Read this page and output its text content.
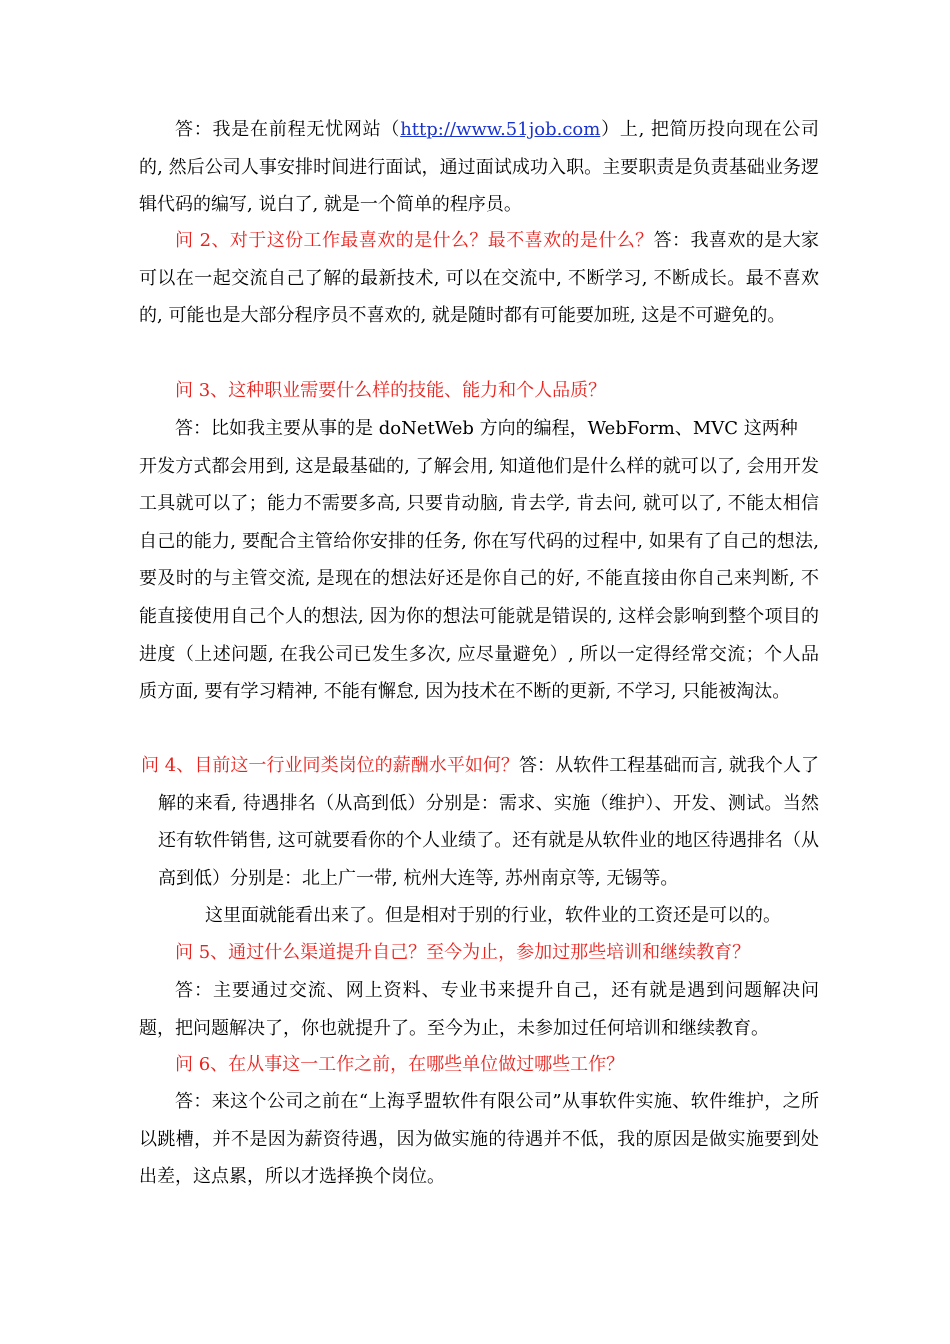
答：我是在前程无忧网站（http://www.51job.com）上, 把简历投向现在公司的, 然后公司人事安排时间进行面试，通过面试成功入职。主要职责是负责基础业务逻辑代码的编写, 说白了, 就是一个简单的程序员。

问 2、对于这份工作最喜欢的是什么？最不喜欢的是什么？答：我喜欢的是大家可以在一起交流自己了解的最新技术, 可以在交流中, 不断学习, 不断成长。最不喜欢的, 可能也是大部分程序员不喜欢的, 就是随时都有可能要加班, 这是不可避免的。

问 3、这种职业需要什么样的技能、能力和个人品质？

答：比如我主要从事的是 doNetWeb 方向的编程，WebForm、MVC 这两种
开发方式都会用到, 这是最基础的, 了解会用, 知道他们是什么样的就可以了, 会用开发工具就可以了；能力不需要多高, 只要肯动脑, 肯去学, 肯去问, 就可以了, 不能太相信自己的能力, 要配合主管给你安排的任务, 你在写代码的过程中, 如果有了自己的想法, 要及时的与主管交流, 是现在的想法好还是你自己的好, 不能直接由你自己来判断, 不能直接使用自己个人的想法, 因为你的想法可能就是错误的, 这样会影响到整个项目的进度（上述问题, 在我公司已发生多次, 应尽量避免）, 所以一定得经常交流；个人品质方面, 要有学习精神, 不能有懈怠, 因为技术在不断的更新, 不学习, 只能被淘汰。

问 4、目前这一行业同类岗位的薪酬水平如何？答：从软件工程基础而言, 就我个人了解的来看, 待遇排名（从高到低）分别是：需求、实施（维护）、开发、测试。当然还有软件销售, 这可就要看你的个人业绩了。还有就是从软件业的地区待遇排名（从高到低）分别是：北上广一带, 杭州大连等, 苏州南京等, 无锡等。

这里面就能看出来了。但是相对于别的行业，软件业的工资还是可以的。

问 5、通过什么渠道提升自己？至今为止，参加过那些培训和继续教育？

答：主要通过交流、网上资料、专业书来提升自己，还有就是遇到问题解决问题，把问题解决了，你也就提升了。至今为止，未参加过任何培训和继续教育。

问 6、在从事这一工作之前，在哪些单位做过哪些工作？

答：来这个公司之前在“上海孚盟软件有限公司”从事软件实施、软件维护，之所以跳槽，并不是因为薪资待遇，因为做实施的待遇并不低，我的原因是做实施要到处出差，这点累，所以才选择换个岗位。
